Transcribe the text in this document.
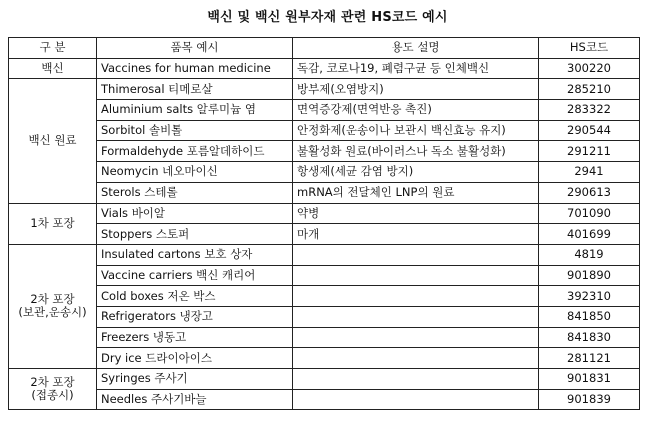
백신 및 백신 원부자재 관련 HS코드 예시
구 분	품목 예시	용도 설명	HS코드

백신	Vaccines for human medicine	독감, 코로나19, 폐렴구균 등 인체백신	300220

백신 원료	Thimerosal 티메로살	방부제(오염방지)	285210
	Aluminium salts 알루미늄 염	면역증강제(면역반응 촉진)	283322
	Sorbitol 솔비톨	안정화제(운송이나 보관시 백신효능 유지)	290544
	Formaldehyde 포름알데하이드	불활성화 원료(바이러스나 독소 불활성화)	291211
	Neomycin 네오마이신	항생제(세균 감염 방지)	2941
	Sterols 스테롤	mRNA의 전달체인 LNP의 원료	290613

1차 포장	Vials 바이알	약병	701090
	Stoppers 스토퍼	마개	401699

2차 포장
(보관,운송시)	Insulated cartons 보호 상자		4819
	Vaccine carriers 백신 캐리어		901890
	Cold boxes 저온 박스		392310
	Refrigerators 냉장고		841850
	Freezers 냉동고		841830
	Dry ice 드라이아이스		281121

2차 포장
(접종시)	Syringes 주사기		901831
	Needles 주사기바늘		901839
